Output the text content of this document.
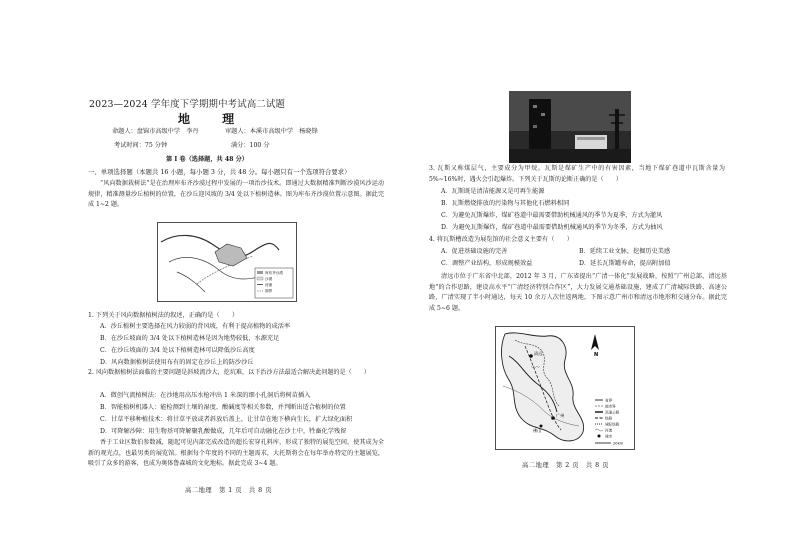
2023—2024 学年度下学期期中考试高二试题
地 理
命题人：盘锦市高级中学　李丹	审题人：本溪市高级中学　杨晓锋
考试时间：75 分钟	满分：100 分
第 Ⅰ 卷（选择题，共 48 分）
一、单项选择题（本题共 16 小题，每小题 3 分，共 48 分。每小题只有一个选项符合要求）
“风向数据栽树法”是在治理库布齐沙漠过程中发展的一项治沙技术。即通过大数据精准判断沙漠风沙运动规律，精准测量沙丘植树的位置，在沙丘迎风坡的 3/4 处以下植树造林。图为库布齐沙漠位置示意图。据此完成 1~2 题。
库布齐沙漠
沙漠
河流
图界
1. 下列关于风向数据植树法的叙述，正确的是（　　）
A．沙丘植树主要选择在风力较弱的背风坡，有利于提高植物的成活率
B．在沙丘坡面的 3/4 处以下植树造林是因为地势较低，水源充足
C．在沙丘坡面的 3/4 处以下植树造林可以降低沙丘高度
D．风向数据植树法使用布有的固定在沙丘上的防沙沙丘
2. 风向数据植树法面临的主要问题是斜坡流沙大，挖坑难，以下治沙方法最适合解决此问题的是（　　）
A．微创气流植树法：在沙地用高压水枪冲出 1 米深的细小孔洞后将树苗插入
B．智能植树机器人：能检测到土壤的湿度、酸碱度等相关参数，并判断出适合植树的位置
C．甘草平移种植技术：将甘草平放或者斜放后盖上，让甘草在地下横向生长，扩大绿化面积
D．可降解沙障：用生物基可降解聚乳酸做成，几年后可自动融化在沙土中，牲畜化学残留
香于工业区数伯参数减，随起可见内部完成改造的超长宏穿孔料库，形成了独特的展览空间，使其成为全新的观光点，也最男类的展览馆。根据每个年度的不同的主题需求，大托斯将会在每年举办特定的主题展览，吸引了众多的游客，也成为奥体鲁森城的文化地标。据此完成 3~4 题。
高二地理　第 1 页　共 8 页
3. 瓦斯又称煤层气，主要成分为甲烷。瓦斯是煤矿生产中的有害因素，当地下煤矿巷道中瓦斯含量为 5%~16%时，遇火会引起爆炸。下列关于瓦斯的论断正确的是（　　）
A．瓦斯既是清洁能源又是可再生能源
B．瓦斯燃烧排放的污染物与其他化石燃料相同
C．为避免瓦斯爆炸，煤矿巷道中最需要借助机械通风的季节为夏季，方式为灌风
D．为避免瓦斯爆炸，煤矿巷道中最需要借助机械通风的季节为冬季，方式为抽风
4. 将瓦斯槽改造为展览馆的社会意义主要有（　　）
A．促进基础设施的完善	B．延续工业文脉，挖掘历史美感
C．调整产业结构，形成规模效益	D．延长瓦斯罐寿命，提高附加值
清远市位于广东省中北部，2012 年 3 月，广东省提出“广清一体化”发展战略，按照“广州总部、清远基地”的合作思路，建设高水平“广清经济特别合作区”，大力发展交通基础设施，建成了广清城际铁路、高速公路，广清实现了半小时通达，每天 10 余万人次往返两地，下图示意广州市和清远市地形和交通分布。据此完成 5~6 题。
清远
广州
佛山
N
省界
地市界
高速公路
铁路
城际铁路
河流
城市
20km
高二地理　第 2 页　共 8 页
